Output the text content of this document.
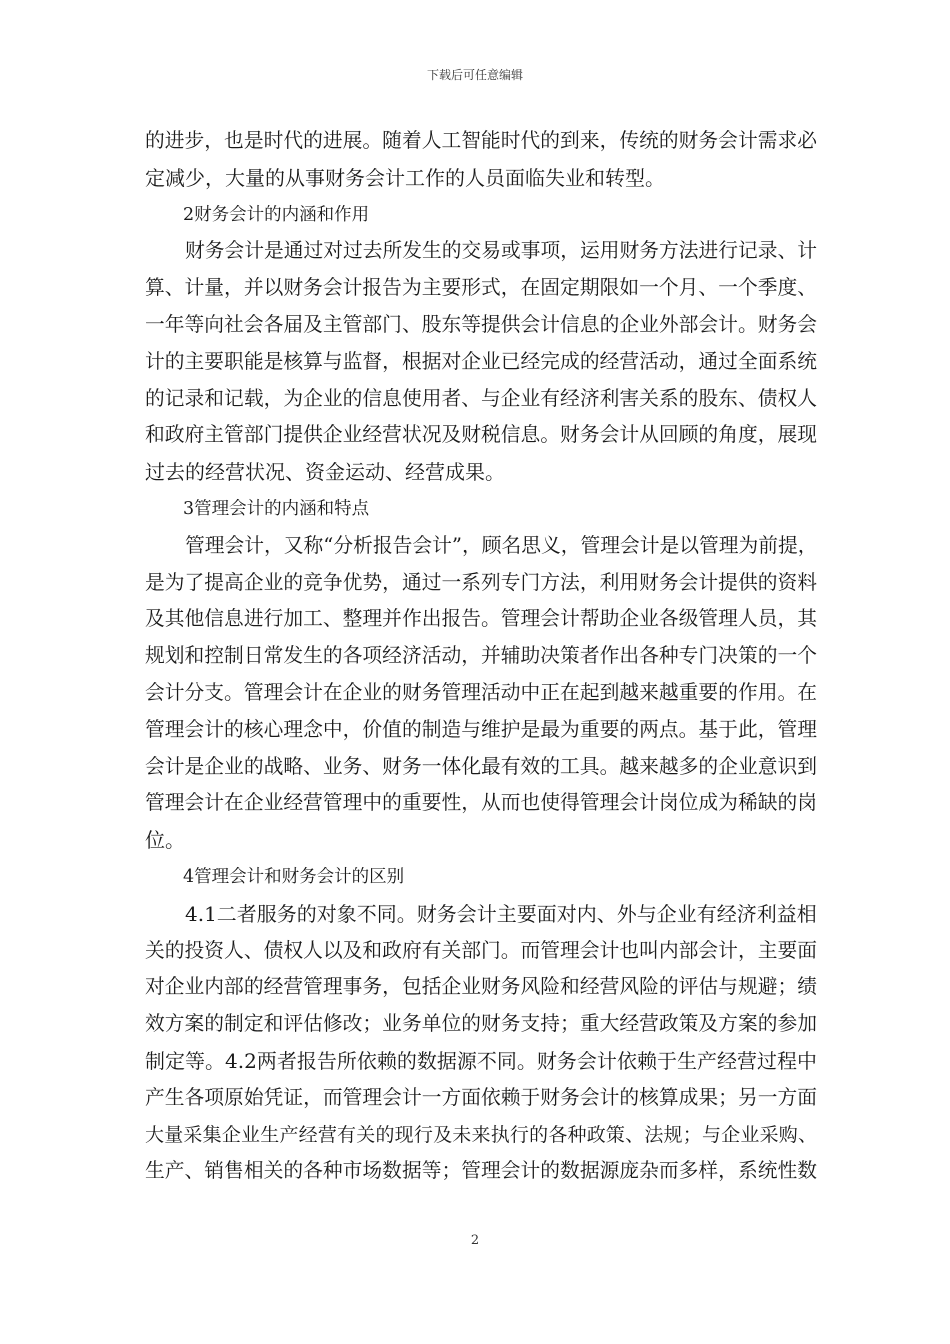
下载后可任意编辑
的进步，也是时代的进展。随着人工智能时代的到来，传统的财务会计需求必
定减少，大量的从事财务会计工作的人员面临失业和转型。
2财务会计的内涵和作用
财务会计是通过对过去所发生的交易或事项，运用财务方法进行记录、计
算、计量，并以财务会计报告为主要形式，在固定期限如一个月、一个季度、
一年等向社会各届及主管部门、股东等提供会计信息的企业外部会计。财务会
计的主要职能是核算与监督，根据对企业已经完成的经营活动，通过全面系统
的记录和记载，为企业的信息使用者、与企业有经济利害关系的股东、债权人
和政府主管部门提供企业经营状况及财税信息。财务会计从回顾的角度，展现
过去的经营状况、资金运动、经营成果。
3管理会计的内涵和特点
管理会计，又称“分析报告会计”，顾名思义，管理会计是以管理为前提，
是为了提高企业的竞争优势，通过一系列专门方法，利用财务会计提供的资料
及其他信息进行加工、整理并作出报告。管理会计帮助企业各级管理人员，其
规划和控制日常发生的各项经济活动，并辅助决策者作出各种专门决策的一个
会计分支。管理会计在企业的财务管理活动中正在起到越来越重要的作用。在
管理会计的核心理念中，价值的制造与维护是最为重要的两点。基于此，管理
会计是企业的战略、业务、财务一体化最有效的工具。越来越多的企业意识到
管理会计在企业经营管理中的重要性，从而也使得管理会计岗位成为稀缺的岗
位。
4管理会计和财务会计的区别
4.1二者服务的对象不同。财务会计主要面对内、外与企业有经济利益相
关的投资人、债权人以及和政府有关部门。而管理会计也叫内部会计，主要面
对企业内部的经营管理事务，包括企业财务风险和经营风险的评估与规避；绩
效方案的制定和评估修改；业务单位的财务支持；重大经营政策及方案的参加
制定等。4.2两者报告所依赖的数据源不同。财务会计依赖于生产经营过程中
产生各项原始凭证，而管理会计一方面依赖于财务会计的核算成果；另一方面
大量采集企业生产经营有关的现行及未来执行的各种政策、法规；与企业采购、
生产、销售相关的各种市场数据等；管理会计的数据源庞杂而多样，系统性数
2
